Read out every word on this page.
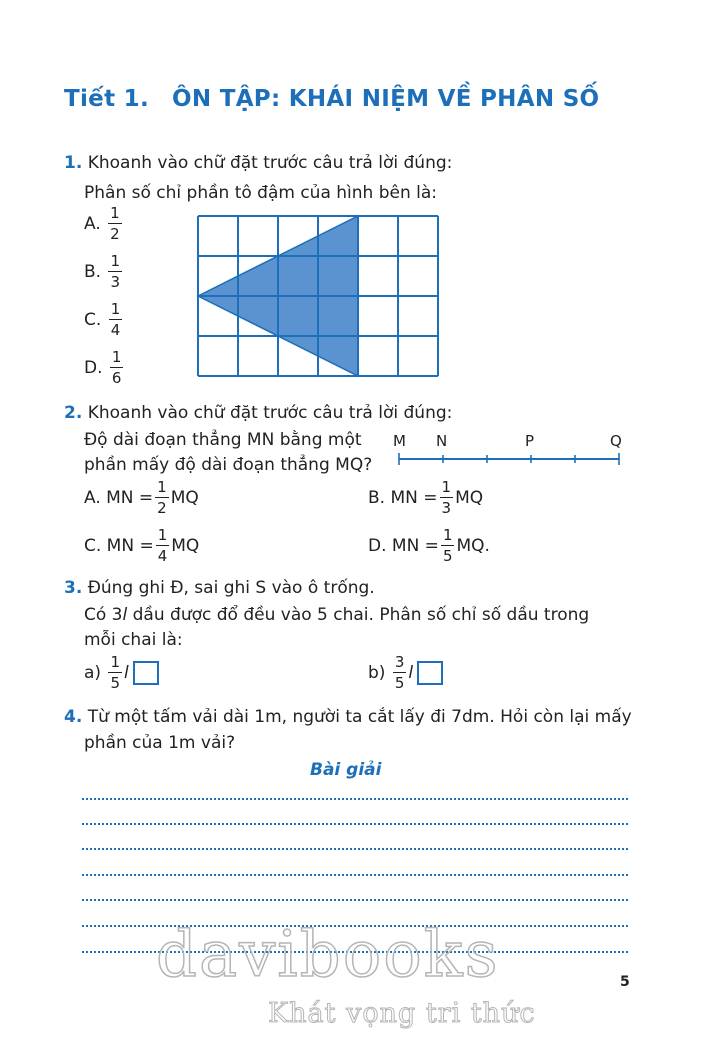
Tiết 1. ÔN TẬP: KHÁI NIỆM VỀ PHÂN SỐ
1. Khoanh vào chữ đặt trước câu trả lời đúng:
Phân số chỉ phần tô đậm của hình bên là:
A. $\frac{1}{2}$
B. $\frac{1}{3}$
C. $\frac{1}{4}$
D. $\frac{1}{6}$
2. Khoanh vào chữ đặt trước câu trả lời đúng:
Độ dài đoạn thẳng MN bằng một
phần mấy độ dài đoạn thẳng MQ?
M N	P	Q
A. MN = $\frac{1}{2}$ MQ	B. MN = $\frac{1}{3}$ MQ
C. MN = $\frac{1}{4}$ MQ	D. MN = $\frac{1}{5}$ MQ.
3. Đúng ghi Đ, sai ghi S vào ô trống.
Có 3l dầu được đổ đều vào 5 chai. Phân số chỉ số dầu trong
mỗi chai là:
$a) \frac{1}{5}$ l	$b) \frac{3}{5}$ l
4. Từ một tấm vải dài 1m, người ta cắt lấy đi 7dm. Hỏi còn lại mấy
phần của 1m vải?
Bài giải
5
davibooks
Khát vọng tri thức
